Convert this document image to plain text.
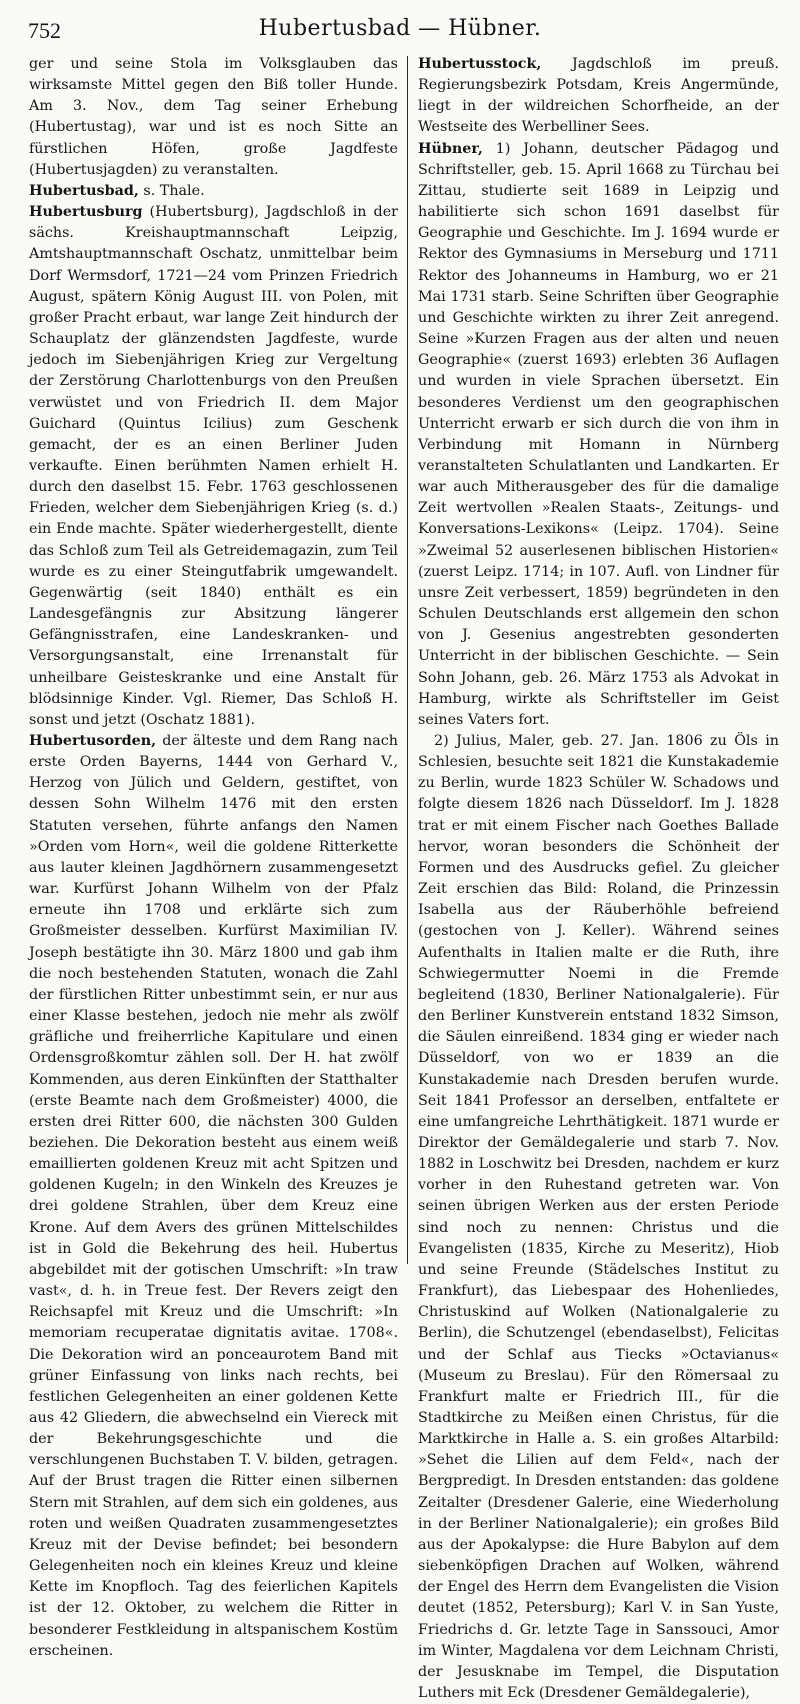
752	Hubertusbad — Hübner.

ger und seine Stola im Volksglauben das wirksamste Mittel gegen den Biß toller Hunde. Am 3. Nov., dem Tag seiner Erhebung (Hubertustag), war und ist es noch Sitte an fürstlichen Höfen, große Jagdfeste (Hubertusjagden) zu veranstalten.

Hubertusbad, s. Thale.

Hubertusburg (Hubertsburg), Jagdschloß in der sächs. Kreishauptmannschaft Leipzig, Amtshauptmannschaft Oschatz, unmittelbar beim Dorf Wermsdorf, 1721—24 vom Prinzen Friedrich August, spätern König August III. von Polen, mit großer Pracht erbaut, war lange Zeit hindurch der Schauplatz der glänzendsten Jagdfeste, wurde jedoch im Siebenjährigen Krieg zur Vergeltung der Zerstörung Charlottenburgs von den Preußen verwüstet und von Friedrich II. dem Major Guichard (Quintus Icilius) zum Geschenk gemacht, der es an einen Berliner Juden verkaufte. Einen berühmten Namen erhielt H. durch den daselbst 15. Febr. 1763 geschlossenen Frieden, welcher dem Siebenjährigen Krieg (s. d.) ein Ende machte. Später wiederhergestellt, diente das Schloß zum Teil als Getreidemagazin, zum Teil wurde es zu einer Steingutfabrik umgewandelt. Gegenwärtig (seit 1840) enthält es ein Landesgefängnis zur Absitzung längerer Gefängnisstrafen, eine Landeskranken- und Versorgungsanstalt, eine Irrenanstalt für unheilbare Geisteskranke und eine Anstalt für blödsinnige Kinder. Vgl. Riemer, Das Schloß H. sonst und jetzt (Oschatz 1881).

Hubertusorden, der älteste und dem Rang nach erste Orden Bayerns, 1444 von Gerhard V., Herzog von Jülich und Geldern, gestiftet, von dessen Sohn Wilhelm 1476 mit den ersten Statuten versehen, führte anfangs den Namen »Orden vom Horn«, weil die goldene Ritterkette aus lauter kleinen Jagdhörnern zusammengesetzt war. Kurfürst Johann Wilhelm von der Pfalz erneute ihn 1708 und erklärte sich zum Großmeister desselben. Kurfürst Maximilian IV. Joseph bestätigte ihn 30. März 1800 und gab ihm die noch bestehenden Statuten, wonach die Zahl der fürstlichen Ritter unbestimmt sein, er nur aus einer Klasse bestehen, jedoch nie mehr als zwölf gräfliche und freiherrliche Kapitulare und einen Ordensgroßkomtur zählen soll. Der H. hat zwölf Kommenden, aus deren Einkünften der Statthalter (erste Beamte nach dem Großmeister) 4000, die ersten drei Ritter 600, die nächsten 300 Gulden beziehen. Die Dekoration besteht aus einem weiß emaillierten goldenen Kreuz mit acht Spitzen und goldenen Kugeln; in den Winkeln des Kreuzes je drei goldene Strahlen, über dem Kreuz eine Krone. Auf dem Avers des grünen Mittelschildes ist in Gold die Bekehrung des heil. Hubertus abgebildet mit der gotischen Umschrift: »In traw vast«, d. h. in Treue fest. Der Revers zeigt den Reichsapfel mit Kreuz und die Umschrift: »In memoriam recuperatae dignitatis avitae. 1708«. Die Dekoration wird an ponceaurotem Band mit grüner Einfassung von links nach rechts, bei festlichen Gelegenheiten an einer goldenen Kette aus 42 Gliedern, die abwechselnd ein Viereck mit der Bekehrungsgeschichte und die verschlungenen Buchstaben T. V. bilden, getragen. Auf der Brust tragen die Ritter einen silbernen Stern mit Strahlen, auf dem sich ein goldenes, aus roten und weißen Quadraten zusammengesetztes Kreuz mit der Devise befindet; bei besondern Gelegenheiten noch ein kleines Kreuz und kleine Kette im Knopfloch. Tag des feierlichen Kapitels ist der 12. Oktober, zu welchem die Ritter in besonderer Festkleidung in altspanischem Kostüm erscheinen.

Hubertusstock, Jagdschloß im preuß. Regierungsbezirk Potsdam, Kreis Angermünde, liegt in der wildreichen Schorfheide, an der Westseite des Werbelliner Sees.

Hübner, 1) Johann, deutscher Pädagog und Schriftsteller, geb. 15. April 1668 zu Türchau bei Zittau, studierte seit 1689 in Leipzig und habilitierte sich schon 1691 daselbst für Geographie und Geschichte. Im J. 1694 wurde er Rektor des Gymnasiums in Merseburg und 1711 Rektor des Johanneums in Hamburg, wo er 21 Mai 1731 starb. Seine Schriften über Geographie und Geschichte wirkten zu ihrer Zeit anregend. Seine »Kurzen Fragen aus der alten und neuen Geographie« (zuerst 1693) erlebten 36 Auflagen und wurden in viele Sprachen übersetzt. Ein besonderes Verdienst um den geographischen Unterricht erwarb er sich durch die von ihm in Verbindung mit Homann in Nürnberg veranstalteten Schulatlanten und Landkarten. Er war auch Mitherausgeber des für die damalige Zeit wertvollen »Realen Staats-, Zeitungs- und Konversations-Lexikons« (Leipz. 1704). Seine »Zweimal 52 auserlesenen biblischen Historien« (zuerst Leipz. 1714; in 107. Aufl. von Lindner für unsre Zeit verbessert, 1859) begründeten in den Schulen Deutschlands erst allgemein den schon von J. Gesenius angestrebten gesonderten Unterricht in der biblischen Geschichte. — Sein Sohn Johann, geb. 26. März 1753 als Advokat in Hamburg, wirkte als Schriftsteller im Geist seines Vaters fort.

2) Julius, Maler, geb. 27. Jan. 1806 zu Öls in Schlesien, besuchte seit 1821 die Kunstakademie zu Berlin, wurde 1823 Schüler W. Schadows und folgte diesem 1826 nach Düsseldorf. Im J. 1828 trat er mit einem Fischer nach Goethes Ballade hervor, woran besonders die Schönheit der Formen und des Ausdrucks gefiel. Zu gleicher Zeit erschien das Bild: Roland, die Prinzessin Isabella aus der Räuberhöhle befreiend (gestochen von J. Keller). Während seines Aufenthalts in Italien malte er die Ruth, ihre Schwiegermutter Noemi in die Fremde begleitend (1830, Berliner Nationalgalerie). Für den Berliner Kunstverein entstand 1832 Simson, die Säulen einreißend. 1834 ging er wieder nach Düsseldorf, von wo er 1839 an die Kunstakademie nach Dresden berufen wurde. Seit 1841 Professor an derselben, entfaltete er eine umfangreiche Lehrthätigkeit. 1871 wurde er Direktor der Gemäldegalerie und starb 7. Nov. 1882 in Loschwitz bei Dresden, nachdem er kurz vorher in den Ruhestand getreten war. Von seinen übrigen Werken aus der ersten Periode sind noch zu nennen: Christus und die Evangelisten (1835, Kirche zu Meseritz), Hiob und seine Freunde (Städelsches Institut zu Frankfurt), das Liebespaar des Hohenliedes, Christuskind auf Wolken (Nationalgalerie zu Berlin), die Schutzengel (ebendaselbst), Felicitas und der Schlaf aus Tiecks »Octavianus« (Museum zu Breslau). Für den Römersaal zu Frankfurt malte er Friedrich III., für die Stadtkirche zu Meißen einen Christus, für die Marktkirche in Halle a. S. ein großes Altarbild: »Sehet die Lilien auf dem Feld«, nach der Bergpredigt. In Dresden entstanden: das goldene Zeitalter (Dresdener Galerie, eine Wiederholung in der Berliner Nationalgalerie); ein großes Bild aus der Apokalypse: die Hure Babylon auf dem siebenköpfigen Drachen auf Wolken, während der Engel des Herrn dem Evangelisten die Vision deutet (1852, Petersburg); Karl V. in San Yuste, Friedrichs d. Gr. letzte Tage in Sanssouci, Amor im Winter, Magdalena vor dem Leichnam Christi, der Jesusknabe im Tempel, die Disputation Luthers mit Eck (Dresdener Gemäldegalerie),
